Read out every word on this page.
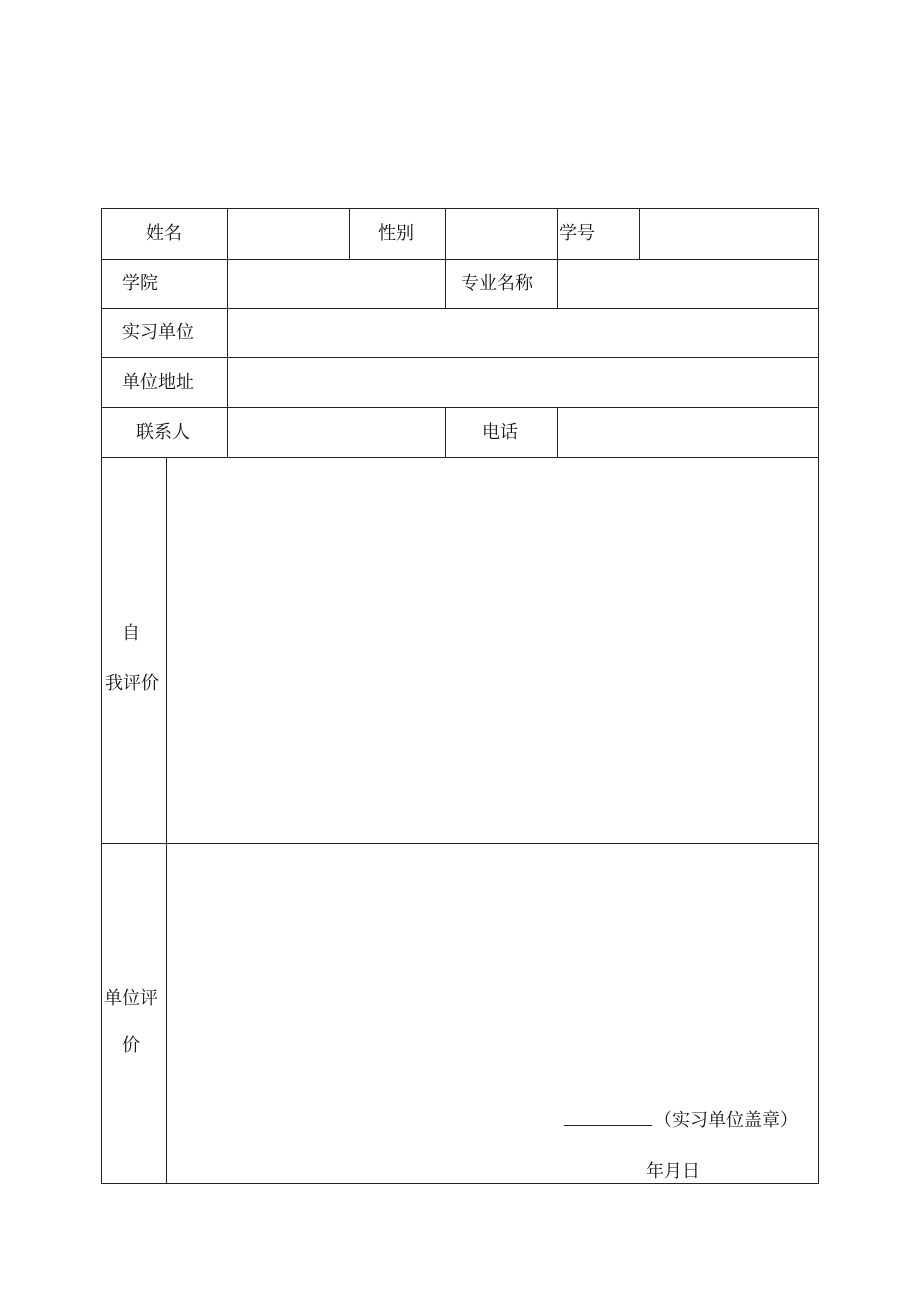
姓名	性别	学号
学院	专业名称
实习单位
单位地址
联系人	电话
自
我评价
单位评
价
（实习单位盖章）
年月日
